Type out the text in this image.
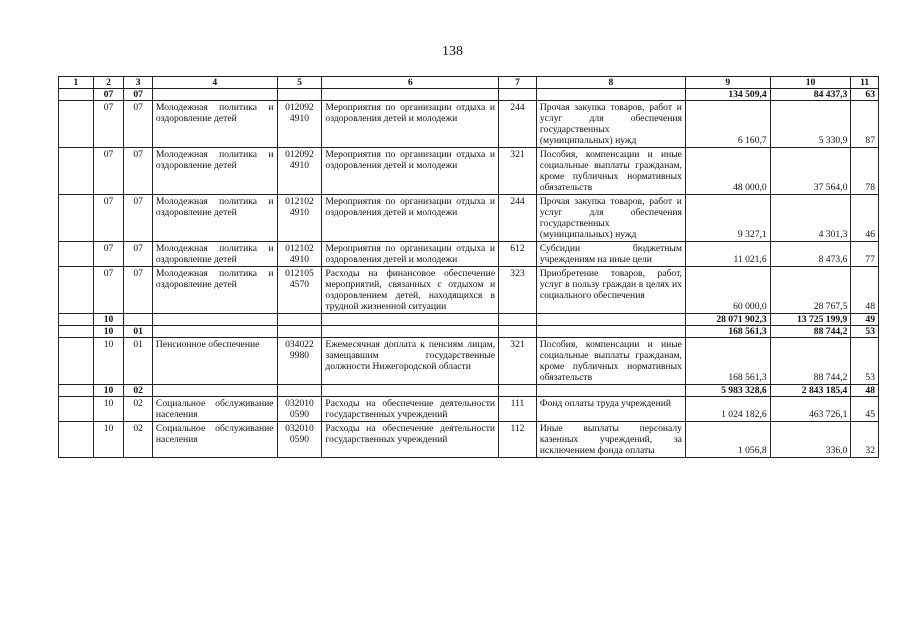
138
1	2	3	4	5	6	7	8	9	10	11
	07	07						134 509,4	84 437,3	63
	07	07	Молодежная политика и оздоровление детей	012092 4910	Мероприятия по организации отдыха и оздоровления детей и молодежи	244	Прочая закупка товаров, работ и услуг для обеспечения государственных (муниципальных) нужд	6 160,7	5 330,9	87
	07	07	Молодежная политика и оздоровление детей	012092 4910	Мероприятия по организации отдыха и оздоровления детей и молодежи	321	Пособия, компенсации и иные социальные выплаты гражданам, кроме публичных нормативных обязательств	48 000,0	37 564,0	78
	07	07	Молодежная политика и оздоровление детей	012102 4910	Мероприятия по организации отдыха и оздоровления детей и молодежи	244	Прочая закупка товаров, работ и услуг для обеспечения государственных (муниципальных) нужд	9 327,1	4 301,3	46
	07	07	Молодежная политика и оздоровление детей	012102 4910	Мероприятия по организации отдыха и оздоровления детей и молодежи	612	Субсидии бюджетным учреждениям на иные цели	11 021,6	8 473,6	77
	07	07	Молодежная политика и оздоровление детей	012105 4570	Расходы на финансовое обеспечение мероприятий, связанных с отдыхом и оздоровлением детей, находящихся в трудной жизненной ситуации	323	Приобретение товаров, работ, услуг в пользу граждан в целях их социального обеспечения	60 000,0	28 767,5	48
	10							28 071 902,3	13 725 199,9	49
	10	01						168 561,3	88 744,2	53
	10	01	Пенсионное обеспечение	034022 9980	Ежемесячная доплата к пенсиям лицам, замещавшим государственные должности Нижегородской области	321	Пособия, компенсации и иные социальные выплаты гражданам, кроме публичных нормативных обязательств	168 561,3	88 744,2	53
	10	02						5 983 328,6	2 843 185,4	48
	10	02	Социальное обслуживание населения	032010 0590	Расходы на обеспечение деятельности государственных учреждений	111	Фонд оплаты труда учреждений	1 024 182,6	463 726,1	45
	10	02	Социальное обслуживание населения	032010 0590	Расходы на обеспечение деятельности государственных учреждений	112	Иные выплаты персоналу казенных учреждений, за исключением фонда оплаты	1 056,8	336,0	32
